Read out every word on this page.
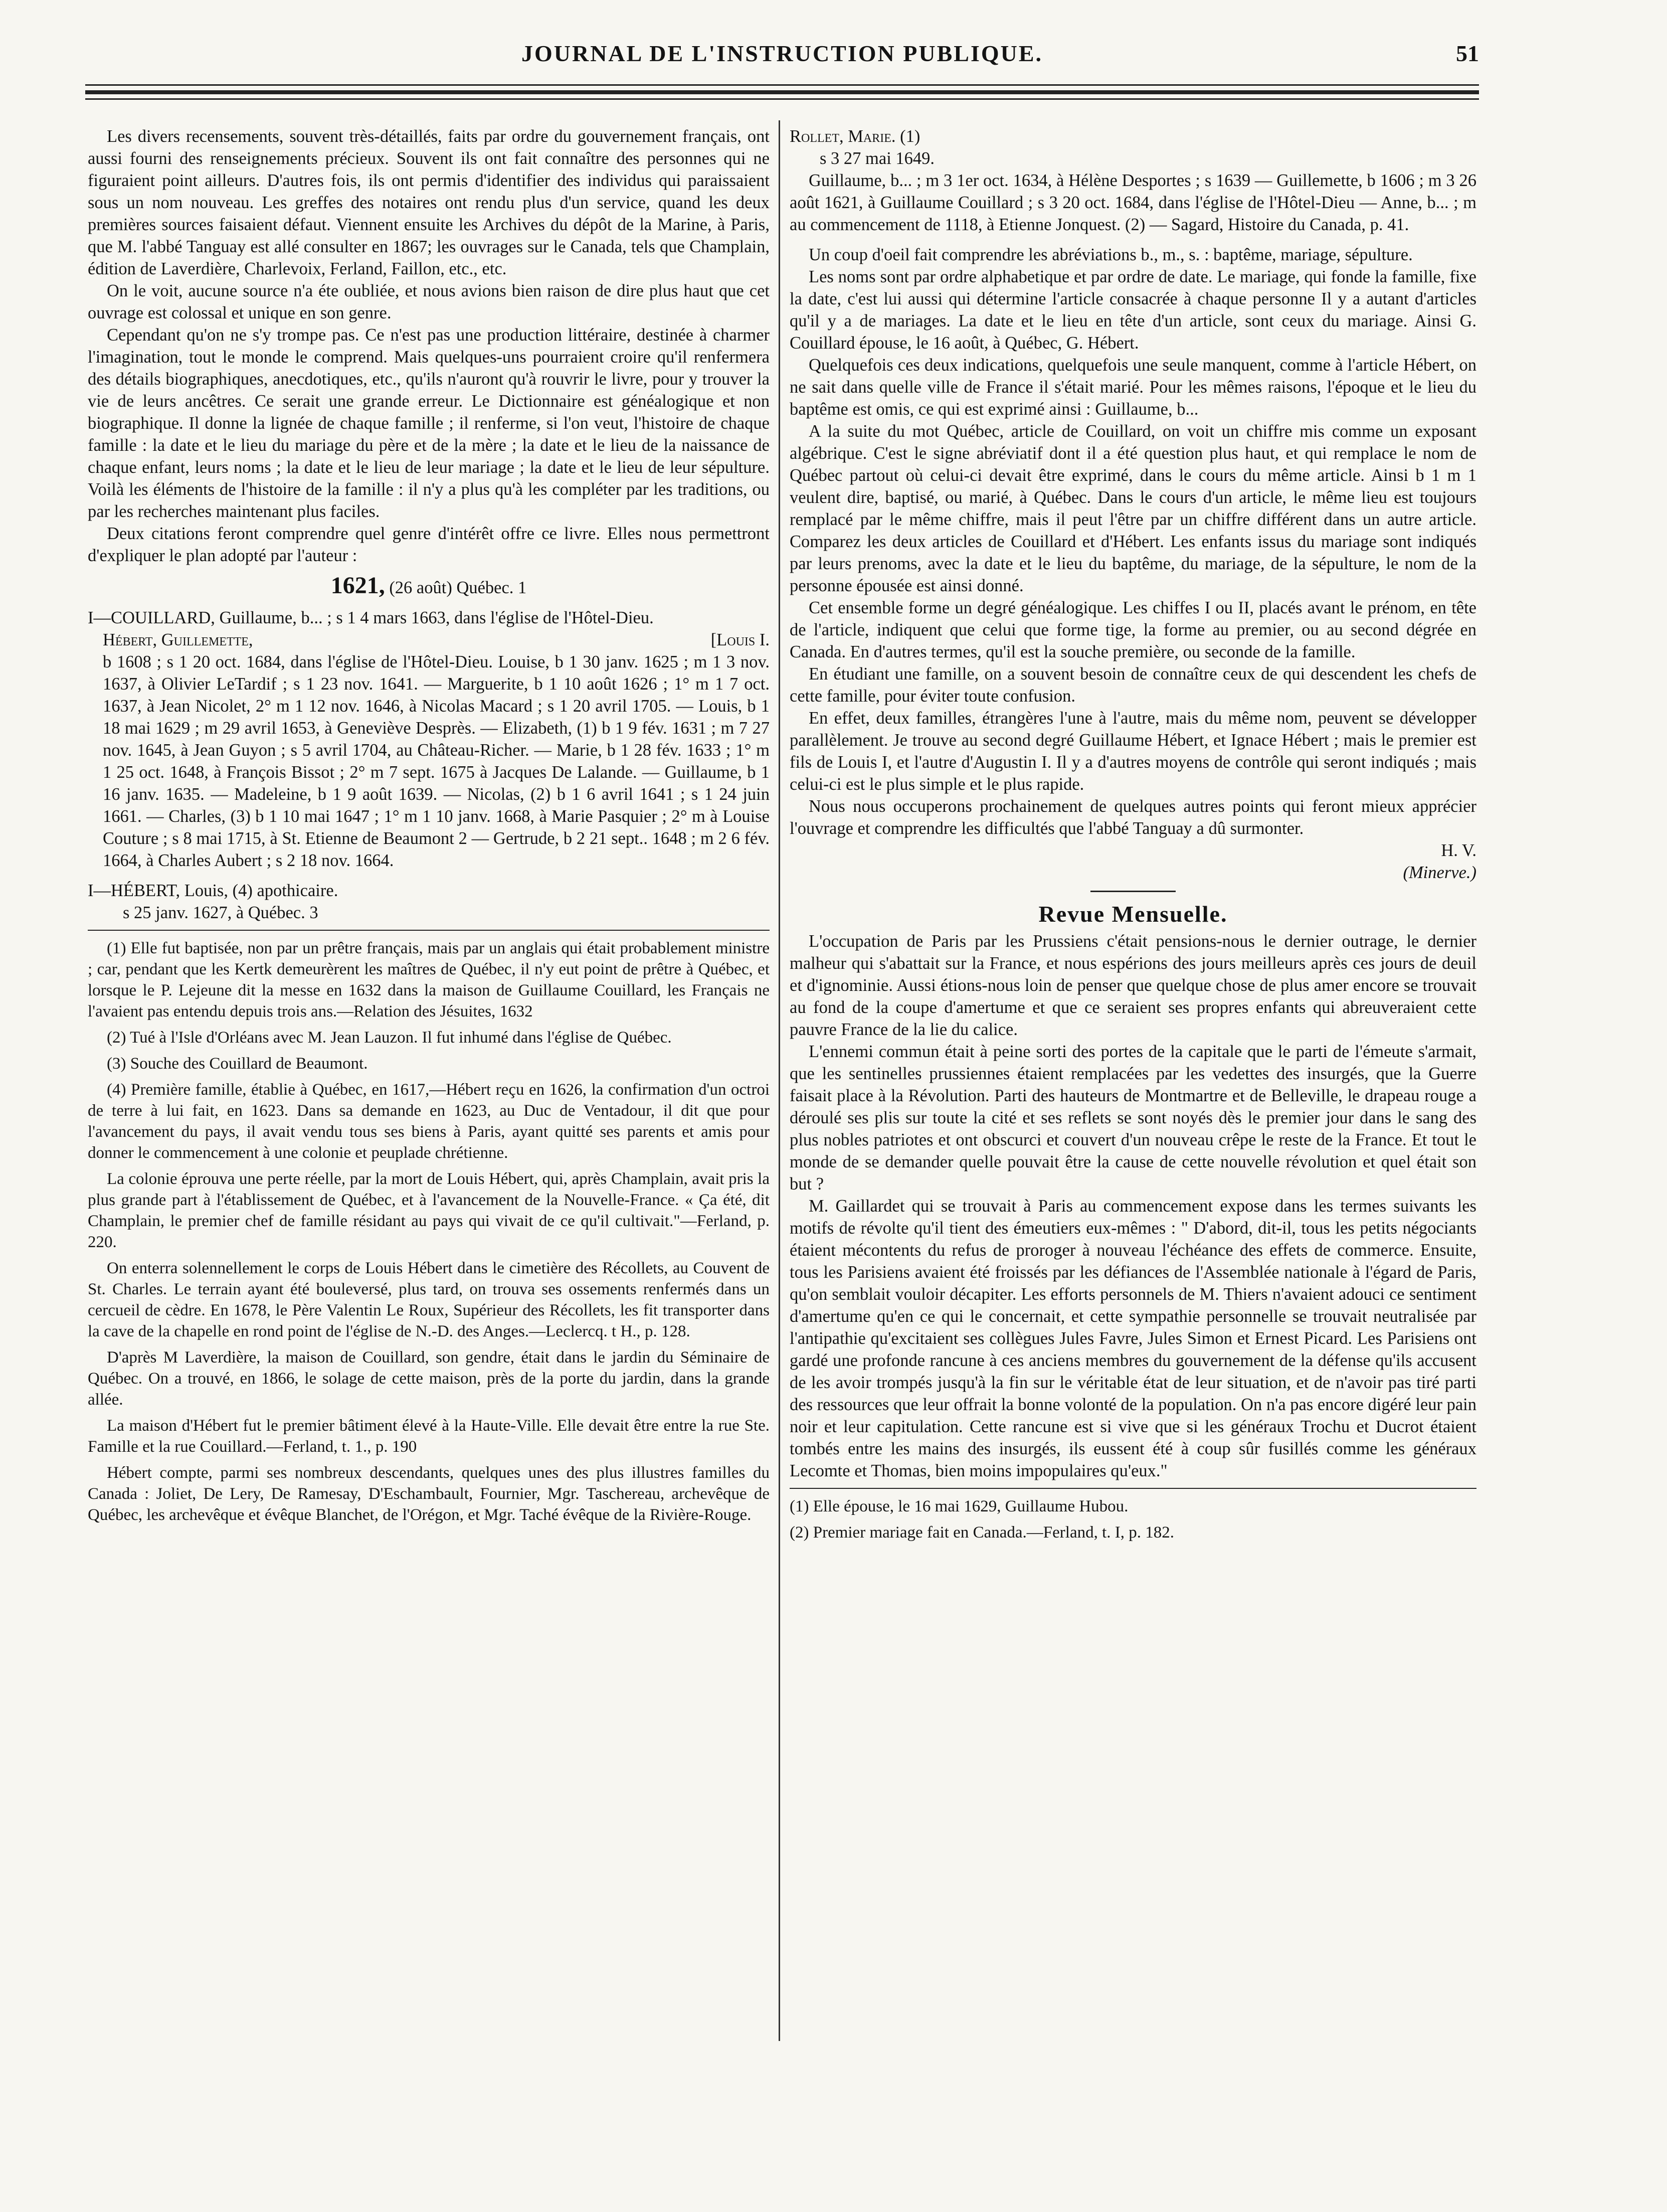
JOURNAL DE L'INSTRUCTION PUBLIQUE.	51

Les divers recensements, souvent très-détaillés, faits par ordre du gouvernement français, ont aussi fourni des renseignements précieux. Souvent ils ont fait connaître des personnes qui ne figuraient point ailleurs. D'autres fois, ils ont permis d'identifier des individus qui paraissaient sous un nom nouveau. Les greffes des notaires ont rendu plus d'un service, quand les deux premières sources faisaient défaut. Viennent ensuite les Archives du dépôt de la Marine, à Paris, que M. l'abbé Tanguay est allé consulter en 1867; les ouvrages sur le Canada, tels que Champlain, édition de Laverdière, Charlevoix, Ferland, Faillon, etc., etc.

On le voit, aucune source n'a éte oubliée, et nous avions bien raison de dire plus haut que cet ouvrage est colossal et unique en son genre.

Cependant qu'on ne s'y trompe pas. Ce n'est pas une production littéraire, destinée à charmer l'imagination, tout le monde le comprend. Mais quelques-uns pourraient croire qu'il renfermera des détails biographiques, anecdotiques, etc., qu'ils n'auront qu'à rouvrir le livre, pour y trouver la vie de leurs ancêtres. Ce serait une grande erreur. Le Dictionnaire est généalogique et non biographique. Il donne la lignée de chaque famille ; il renferme, si l'on veut, l'histoire de chaque famille : la date et le lieu du mariage du père et de la mère ; la date et le lieu de la naissance de chaque enfant, leurs noms ; la date et le lieu de leur mariage ; la date et le lieu de leur sépulture. Voilà les éléments de l'histoire de la famille : il n'y a plus qu'à les compléter par les traditions, ou par les recherches maintenant plus faciles.

Deux citations feront comprendre quel genre d'intérêt offre ce livre. Elles nous permettront d'expliquer le plan adopté par l'auteur :

1621, (26 août) Québec. 1

I—COUILLARD, Guillaume, b... ; s 1 4 mars 1663, dans l'église de l'Hôtel-Dieu.

Hébert, Guillemette,	[Louis I.

b 1608 ; s 1 20 oct. 1684, dans l'église de l'Hôtel-Dieu. Louise, b 1 30 janv. 1625 ; m 1 3 nov. 1637, à Olivier LeTardif ; s 1 23 nov. 1641. — Marguerite, b 1 10 août 1626 ; 1° m 1 7 oct. 1637, à Jean Nicolet, 2° m 1 12 nov. 1646, à Nicolas Macard ; s 1 20 avril 1705. — Louis, b 1 18 mai 1629 ; m 29 avril 1653, à Geneviève Desprès. — Elizabeth, (1) b 1 9 fév. 1631 ; m 7 27 nov. 1645, à Jean Guyon ; s 5 avril 1704, au Château-Richer. — Marie, b 1 28 fév. 1633 ; 1° m 1 25 oct. 1648, à François Bissot ; 2° m 7 sept. 1675 à Jacques De Lalande. — Guillaume, b 1 16 janv. 1635. — Madeleine, b 1 9 août 1639. — Nicolas, (2) b 1 6 avril 1641 ; s 1 24 juin 1661. — Charles, (3) b 1 10 mai 1647 ; 1° m 1 10 janv. 1668, à Marie Pasquier ; 2° m à Louise Couture ; s 8 mai 1715, à St. Etienne de Beaumont 2 — Gertrude, b 2 21 sept.. 1648 ; m 2 6 fév. 1664, à Charles Aubert ; s 2 18 nov. 1664.

I—HÉBERT, Louis, (4) apothicaire.

s 25 janv. 1627, à Québec. 3

(1) Elle fut baptisée, non par un prêtre français, mais par un anglais qui était probablement ministre ; car, pendant que les Kertk demeurèrent les maîtres de Québec, il n'y eut point de prêtre à Québec, et lorsque le P. Lejeune dit la messe en 1632 dans la maison de Guillaume Couillard, les Français ne l'avaient pas entendu depuis trois ans.—Relation des Jésuites, 1632

(2) Tué à l'Isle d'Orléans avec M. Jean Lauzon. Il fut inhumé dans l'église de Québec.

(3) Souche des Couillard de Beaumont.

(4) Première famille, établie à Québec, en 1617,—Hébert reçu en 1626, la confirmation d'un octroi de terre à lui fait, en 1623. Dans sa demande en 1623, au Duc de Ventadour, il dit que pour l'avancement du pays, il avait vendu tous ses biens à Paris, ayant quitté ses parents et amis pour donner le commencement à une colonie et peuplade chrétienne.

La colonie éprouva une perte réelle, par la mort de Louis Hébert, qui, après Champlain, avait pris la plus grande part à l'établissement de Québec, et à l'avancement de la Nouvelle-France. « Ça été, dit Champlain, le premier chef de famille résidant au pays qui vivait de ce qu'il cultivait."—Ferland, p. 220.

On enterra solennellement le corps de Louis Hébert dans le cimetière des Récollets, au Couvent de St. Charles. Le terrain ayant été bouleversé, plus tard, on trouva ses ossements renfermés dans un cercueil de cèdre. En 1678, le Père Valentin Le Roux, Supérieur des Récollets, les fit transporter dans la cave de la chapelle en rond point de l'église de N.-D. des Anges.—Leclercq. t H., p. 128.

D'après M Laverdière, la maison de Couillard, son gendre, était dans le jardin du Séminaire de Québec. On a trouvé, en 1866, le solage de cette maison, près de la porte du jardin, dans la grande allée.

La maison d'Hébert fut le premier bâtiment élevé à la Haute-Ville. Elle devait être entre la rue Ste. Famille et la rue Couillard.—Ferland, t. 1., p. 190

Hébert compte, parmi ses nombreux descendants, quelques unes des plus illustres familles du Canada : Joliet, De Lery, De Ramesay, D'Eschambault, Fournier, Mgr. Taschereau, archevêque de Québec, les archevêque et évêque Blanchet, de l'Orégon, et Mgr. Taché évêque de la Rivière-Rouge.

Rollet, Marie. (1)

s 3 27 mai 1649.

Guillaume, b... ; m 3 1er oct. 1634, à Hélène Desportes ; s 1639 — Guillemette, b 1606 ; m 3 26 août 1621, à Guillaume Couillard ; s 3 20 oct. 1684, dans l'église de l'Hôtel-Dieu — Anne, b... ; m au commencement de 1118, à Etienne Jonquest. (2) — Sagard, Histoire du Canada, p. 41.

Un coup d'oeil fait comprendre les abréviations b., m., s. : baptême, mariage, sépulture.

Les noms sont par ordre alphabetique et par ordre de date. Le mariage, qui fonde la famille, fixe la date, c'est lui aussi qui détermine l'article consacrée à chaque personne Il y a autant d'articles qu'il y a de mariages. La date et le lieu en tête d'un article, sont ceux du mariage. Ainsi G. Couillard épouse, le 16 août, à Québec, G. Hébert.

Quelquefois ces deux indications, quelquefois une seule manquent, comme à l'article Hébert, on ne sait dans quelle ville de France il s'était marié. Pour les mêmes raisons, l'époque et le lieu du baptême est omis, ce qui est exprimé ainsi : Guillaume, b...

A la suite du mot Québec, article de Couillard, on voit un chiffre mis comme un exposant algébrique. C'est le signe abréviatif dont il a été question plus haut, et qui remplace le nom de Québec partout où celui-ci devait être exprimé, dans le cours du même article. Ainsi b 1 m 1 veulent dire, baptisé, ou marié, à Québec. Dans le cours d'un article, le même lieu est toujours remplacé par le même chiffre, mais il peut l'être par un chiffre différent dans un autre article. Comparez les deux articles de Couillard et d'Hébert. Les enfants issus du mariage sont indiqués par leurs prenoms, avec la date et le lieu du baptême, du mariage, de la sépulture, le nom de la personne épousée est ainsi donné.

Cet ensemble forme un degré généalogique. Les chiffes I ou II, placés avant le prénom, en tête de l'article, indiquent que celui que forme tige, la forme au premier, ou au second dégrée en Canada. En d'autres termes, qu'il est la souche première, ou seconde de la famille.

En étudiant une famille, on a souvent besoin de connaître ceux de qui descendent les chefs de cette famille, pour éviter toute confusion.

En effet, deux familles, étrangères l'une à l'autre, mais du même nom, peuvent se développer parallèlement. Je trouve au second degré Guillaume Hébert, et Ignace Hébert ; mais le premier est fils de Louis I, et l'autre d'Augustin I. Il y a d'autres moyens de contrôle qui seront indiqués ; mais celui-ci est le plus simple et le plus rapide.

Nous nous occuperons prochainement de quelques autres points qui feront mieux apprécier l'ouvrage et comprendre les difficultés que l'abbé Tanguay a dû surmonter.

H. V.

(Minerve.)

Revue Mensuelle.

L'occupation de Paris par les Prussiens c'était pensions-nous le dernier outrage, le dernier malheur qui s'abattait sur la France, et nous espérions des jours meilleurs après ces jours de deuil et d'ignominie. Aussi étions-nous loin de penser que quelque chose de plus amer encore se trouvait au fond de la coupe d'amertume et que ce seraient ses propres enfants qui abreuveraient cette pauvre France de la lie du calice.

L'ennemi commun était à peine sorti des portes de la capitale que le parti de l'émeute s'armait, que les sentinelles prussiennes étaient remplacées par les vedettes des insurgés, que la Guerre faisait place à la Révolution. Parti des hauteurs de Montmartre et de Belleville, le drapeau rouge a déroulé ses plis sur toute la cité et ses reflets se sont noyés dès le premier jour dans le sang des plus nobles patriotes et ont obscurci et couvert d'un nouveau crêpe le reste de la France. Et tout le monde de se demander quelle pouvait être la cause de cette nouvelle révolution et quel était son but ?

M. Gaillardet qui se trouvait à Paris au commencement expose dans les termes suivants les motifs de révolte qu'il tient des émeutiers eux-mêmes : " D'abord, dit-il, tous les petits négociants étaient mécontents du refus de proroger à nouveau l'échéance des effets de commerce. Ensuite, tous les Parisiens avaient été froissés par les défiances de l'Assemblée nationale à l'égard de Paris, qu'on semblait vouloir décapiter. Les efforts personnels de M. Thiers n'avaient adouci ce sentiment d'amertume qu'en ce qui le concernait, et cette sympathie personnelle se trouvait neutralisée par l'antipathie qu'excitaient ses collègues Jules Favre, Jules Simon et Ernest Picard. Les Parisiens ont gardé une profonde rancune à ces anciens membres du gouvernement de la défense qu'ils accusent de les avoir trompés jusqu'à la fin sur le véritable état de leur situation, et de n'avoir pas tiré parti des ressources que leur offrait la bonne volonté de la population. On n'a pas encore digéré leur pain noir et leur capitulation. Cette rancune est si vive que si les généraux Trochu et Ducrot étaient tombés entre les mains des insurgés, ils eussent été à coup sûr fusillés comme les généraux Lecomte et Thomas, bien moins impopulaires qu'eux."

(1) Elle épouse, le 16 mai 1629, Guillaume Hubou.

(2) Premier mariage fait en Canada.—Ferland, t. I, p. 182.
